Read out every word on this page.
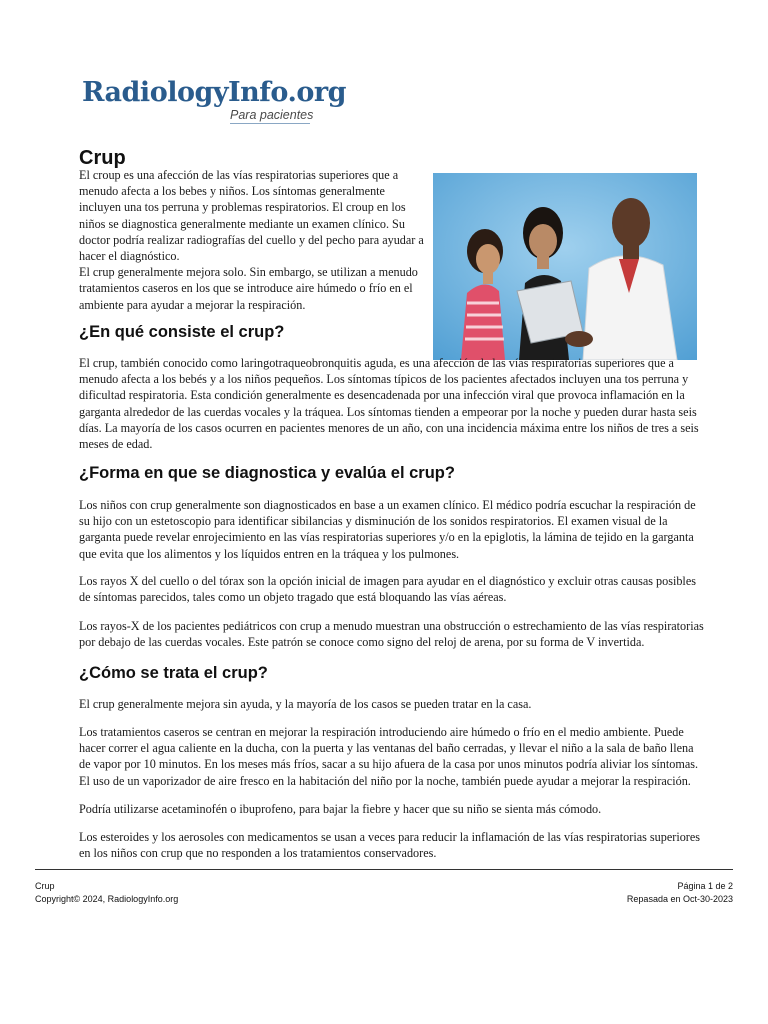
RadiologyInfo.org
Para pacientes
Crup

El croup es una afección de las vías respiratorias superiores que a menudo afecta a los bebes y niños. Los síntomas generalmente incluyen una tos perruna y problemas respiratorios. El croup en los niños se diagnostica generalmente mediante un examen clínico. Su doctor podría realizar radiografías del cuello y del pecho para ayudar a hacer el diagnóstico.

El crup generalmente mejora solo. Sin embargo, se utilizan a menudo tratamientos caseros en los que se introduce aire húmedo o frío en el ambiente para ayudar a mejorar la respiración.

¿En qué consiste el crup?

El crup, también conocido como laringotraqueobronquitis aguda, es una afección de las vías respiratorias superiores que a menudo afecta a los bebés y a los niños pequeños. Los síntomas típicos de los pacientes afectados incluyen una tos perruna y dificultad respiratoria. Esta condición generalmente es desencadenada por una infección viral que provoca inflamación en la garganta alrededor de las cuerdas vocales y la tráquea. Los síntomas tienden a empeorar por la noche y pueden durar hasta seis días. La mayoría de los casos ocurren en pacientes menores de un año, con una incidencia máxima entre los niños de tres a seis meses de edad.

¿Forma en que se diagnostica y evalúa el crup?

Los niños con crup generalmente son diagnosticados en base a un examen clínico. El médico podría escuchar la respiración de su hijo con un estetoscopio para identificar sibilancias y disminución de los sonidos respiratorios. El examen visual de la garganta puede revelar enrojecimiento en las vías respiratorias superiores y/o en la epiglotis, la lámina de tejido en la garganta que evita que los alimentos y los líquidos entren en la tráquea y los pulmones.

Los rayos X del cuello o del tórax son la opción inicial de imagen para ayudar en el diagnóstico y excluir otras causas posibles de síntomas parecidos, tales como un objeto tragado que está bloquando las vías aéreas.

Los rayos-X de los pacientes pediátricos con crup a menudo muestran una obstrucción o estrechamiento de las vías respiratorias por debajo de las cuerdas vocales. Este patrón se conoce como signo del reloj de arena, por su forma de V invertida.

¿Cómo se trata el crup?

El crup generalmente mejora sin ayuda, y la mayoría de los casos se pueden tratar en la casa.

Los tratamientos caseros se centran en mejorar la respiración introduciendo aire húmedo o frío en el medio ambiente. Puede hacer correr el agua caliente en la ducha, con la puerta y las ventanas del baño cerradas, y llevar el niño a la sala de baño llena de vapor por 10 minutos. En los meses más fríos, sacar a su hijo afuera de la casa por unos minutos podría aliviar los síntomas. El uso de un vaporizador de aire fresco en la habitación del niño por la noche, también puede ayudar a mejorar la respiración.

Podría utilizarse acetaminofén o ibuprofeno, para bajar la fiebre y hacer que su niño se sienta más cómodo.

Los esteroides y los aerosoles con medicamentos se usan a veces para reducir la inflamación de las vías respiratorias superiores en los niños con crup que no responden a los tratamientos conservadores.

Crup
Copyright© 2024, RadiologyInfo.org
Página 1 de 2
Repasada en Oct-30-2023
